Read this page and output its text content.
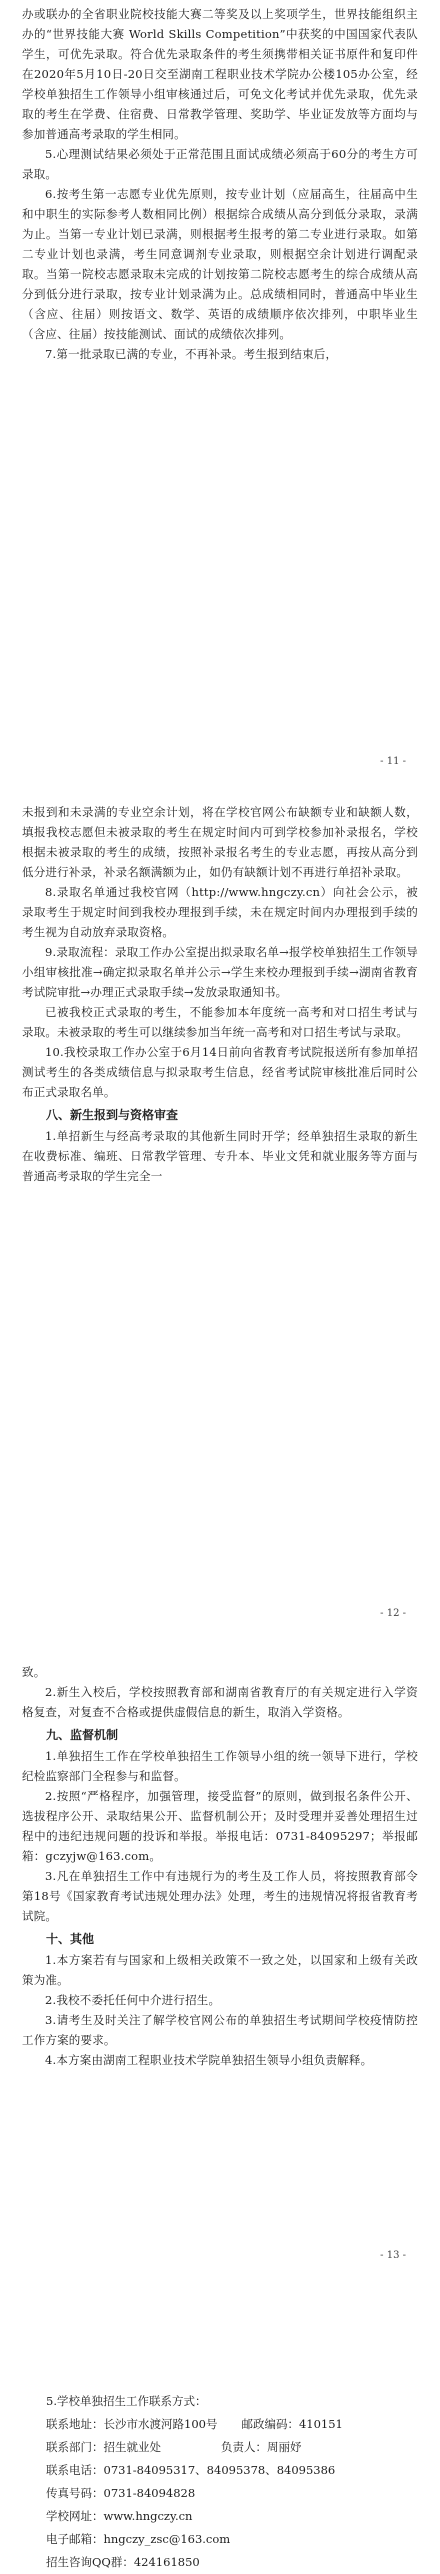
办或联办的全省职业院校技能大赛二等奖及以上奖项学生，世界技能组织主办的“世界技能大赛 World Skills Competition”中获奖的中国国家代表队学生，可优先录取。符合优先录取条件的考生须携带相关证书原件和复印件在2020年5月10日-20日交至湖南工程职业技术学院办公楼105办公室，经学校单独招生工作领导小组审核通过后，可免文化考试并优先录取，优先录取的考生在学费、住宿费、日常教学管理、奖助学、毕业证发放等方面均与参加普通高考录取的学生相同。

5.心理测试结果必须处于正常范围且面试成绩必须高于60分的考生方可录取。

6.按考生第一志愿专业优先原则，按专业计划（应届高生，往届高中生和中职生的实际参考人数相同比例）根据综合成绩从高分到低分录取，录满为止。当第一专业计划已录满，则根据考生报考的第二专业进行录取。如第二专业计划也录满，考生同意调剂专业录取，则根据空余计划进行调配录取。当第一院校志愿录取未完成的计划按第二院校志愿考生的综合成绩从高分到低分进行录取，按专业计划录满为止。总成绩相同时，普通高中毕业生（含应、往届）则按语文、数学、英语的成绩顺序依次排列，中职毕业生（含应、往届）按技能测试、面试的成绩依次排列。

7.第一批录取已满的专业，不再补录。考生报到结束后，

- 11 -

未报到和未录满的专业空余计划，将在学校官网公布缺额专业和缺额人数，填报我校志愿但未被录取的考生在规定时间内可到学校参加补录报名，学校根据未被录取的考生的成绩，按照补录报名考生的专业志愿，再按从高分到低分进行补录，补录名额满额为止，如仍有缺额计划不再进行单招补录取。

8.录取名单通过我校官网（http://www.hngczy.cn）向社会公示，被录取考生于规定时间到我校办理报到手续，未在规定时间内办理报到手续的考生视为自动放弃录取资格。

9.录取流程：录取工作办公室提出拟录取名单→报学校单独招生工作领导小组审核批准→确定拟录取名单并公示→学生来校办理报到手续→湖南省教育考试院审批→办理正式录取手续→发放录取通知书。

已被我校正式录取的考生，不能参加本年度统一高考和对口招生考试与录取。未被录取的考生可以继续参加当年统一高考和对口招生考试与录取。

10.我校录取工作办公室于6月14日前向省教育考试院报送所有参加单招测试考生的各类成绩信息与拟录取考生信息，经省考试院审核批准后同时公布正式录取名单。

八、新生报到与资格审查

1.单招新生与经高考录取的其他新生同时开学；经单独招生录取的新生在收费标准、编班、日常教学管理、专升本、毕业文凭和就业服务等方面与普通高考录取的学生完全一

- 12 -

致。

2.新生入校后，学校按照教育部和湖南省教育厅的有关规定进行入学资格复查，对复查不合格或提供虚假信息的新生，取消入学资格。

九、监督机制

1.单独招生工作在学校单独招生工作领导小组的统一领导下进行，学校纪检监察部门全程参与和监督。

2.按照“严格程序，加强管理，接受监督”的原则，做到报名条件公开、选拔程序公开、录取结果公开、监督机制公开；及时受理并妥善处理招生过程中的违纪违规问题的投诉和举报。举报电话：0731-84095297；举报邮箱：gczyjw@163.com。

3.凡在单独招生工作中有违规行为的考生及工作人员，将按照教育部令第18号《国家教育考试违规处理办法》处理，考生的违规情况将报省教育考试院。

十、其他

1.本方案若有与国家和上级相关政策不一致之处，以国家和上级有关政策为准。

2.我校不委托任何中介进行招生。

3.请考生及时关注了解学校官网公布的单独招生考试期间学校疫情防控工作方案的要求。

4.本方案由湖南工程职业技术学院单独招生领导小组负责解释。

- 13 -
5.学校单独招生工作联系方式：
联系地址：长沙市水渡河路100号 邮政编码：410151
联系部门：招生就业处	负责人：周丽妤
联系电话：0731-84095317、84095378、84095386
传真号码：0731-84094828
学校网址：www.hngczy.cn
电子邮箱：hngczy_zsc@163.com
招生咨询QQ群：424161850
